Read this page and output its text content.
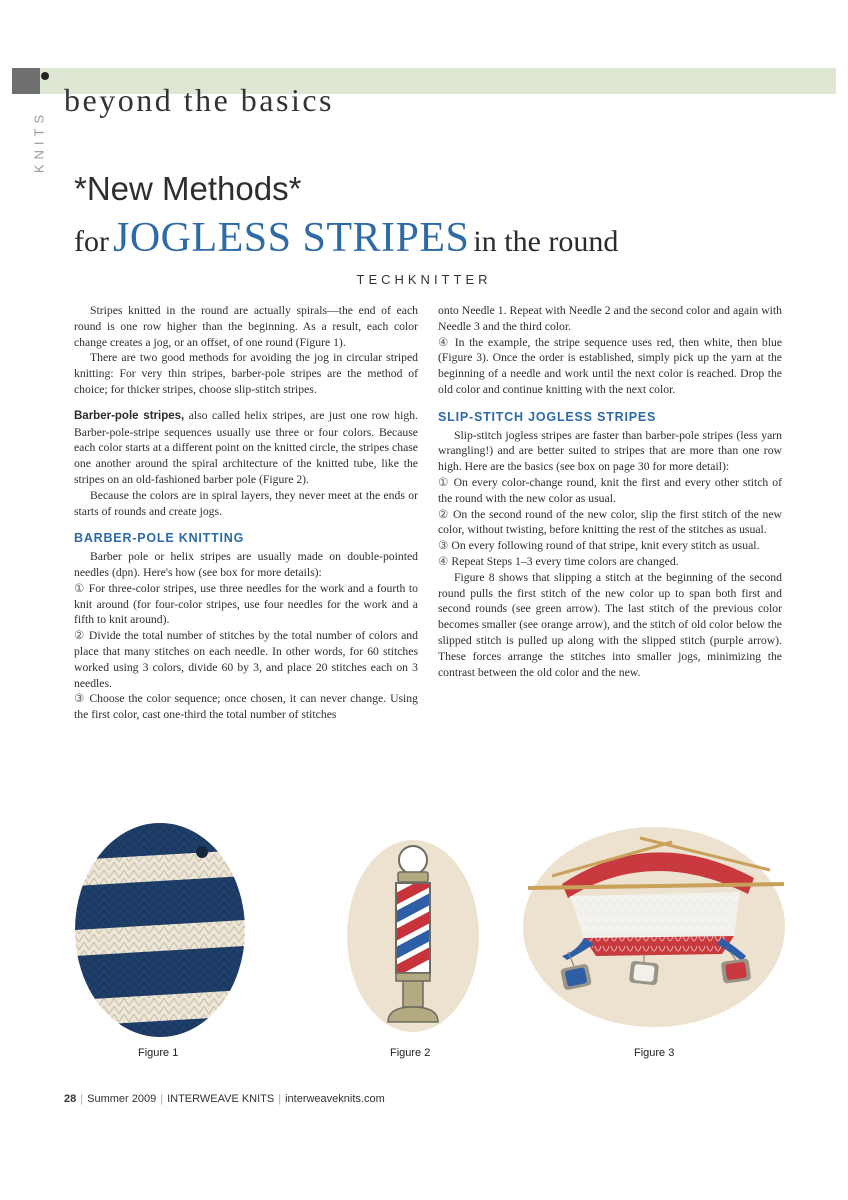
KNITS
beyond the basics
*New Methods*
for JOGLESS STRIPES in the round
TECHKNITTER

Stripes knitted in the round are actually spirals—the end of each round is one row higher than the beginning. As a result, each color change creates a jog, or an offset, of one round (Figure 1).

There are two good methods for avoiding the jog in circular striped knitting: For very thin stripes, barber-pole stripes are the method of choice; for thicker stripes, choose slip-stitch stripes.

Barber-pole stripes, also called helix stripes, are just one row high. Barber-pole-stripe sequences usually use three or four colors. Because each color starts at a different point on the knitted circle, the stripes chase one another around the spiral architecture of the knitted tube, like the stripes on an old-fashioned barber pole (Figure 2).

Because the colors are in spiral layers, they never meet at the ends or starts of rounds and create jogs.

BARBER-POLE KNITTING

Barber pole or helix stripes are usually made on double-pointed needles (dpn). Here's how (see box for more details):

① For three-color stripes, use three needles for the work and a fourth to knit around (for four-color stripes, use four needles for the work and a fifth to knit around).

② Divide the total number of stitches by the total number of colors and place that many stitches on each needle. In other words, for 60 stitches worked using 3 colors, divide 60 by 3, and place 20 stitches each on 3 needles.

③ Choose the color sequence; once chosen, it can never change. Using the first color, cast one-third the total number of stitches

onto Needle 1. Repeat with Needle 2 and the second color and again with Needle 3 and the third color.

④ In the example, the stripe sequence uses red, then white, then blue (Figure 3). Once the order is established, simply pick up the yarn at the beginning of a needle and work until the next color is reached. Drop the old color and continue knitting with the next color.

SLIP-STITCH JOGLESS STRIPES

Slip-stitch jogless stripes are faster than barber-pole stripes (less yarn wrangling!) and are better suited to stripes that are more than one row high. Here are the basics (see box on page 30 for more detail):

① On every color-change round, knit the first and every other stitch of the round with the new color as usual.

② On the second round of the new color, slip the first stitch of the new color, without twisting, before knitting the rest of the stitches as usual.

③ On every following round of that stripe, knit every stitch as usual.

④ Repeat Steps 1–3 every time colors are changed.

Figure 8 shows that slipping a stitch at the beginning of the second round pulls the first stitch of the new color up to span both first and second rounds (see green arrow). The last stitch of the previous color becomes smaller (see orange arrow), and the stitch of old color below the slipped stitch is pulled up along with the slipped stitch (purple arrow). These forces arrange the stitches into smaller jogs, minimizing the contrast between the old color and the new.

Figure 1	Figure 2	Figure 3
28 | Summer 2009 | INTERWEAVE KNITS | interweaveknits.com
